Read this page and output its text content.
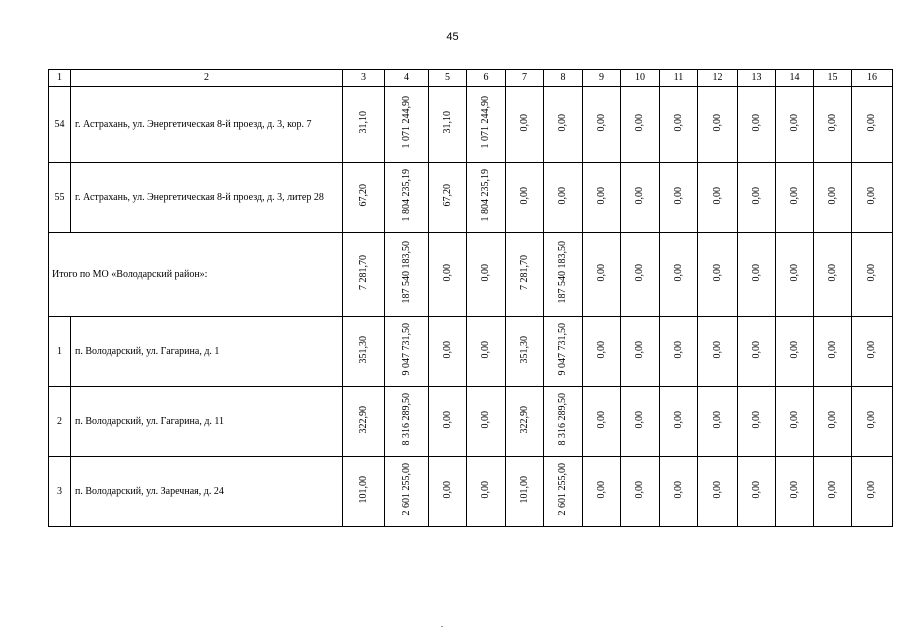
45
1	2	3	4	5	6	7	8	9	10	11	12	13	14	15	16
54	г. Астрахань, ул. Энергетическая 8-й проезд, д. 3, кор. 7	31,10	1 071 244,90	31,10	1 071 244,90	0,00	0,00	0,00	0,00	0,00	0,00	0,00	0,00	0,00	0,00
55	г. Астрахань, ул. Энергетическая 8-й проезд, д. 3, литер 28	67,20	1 804 235,19	67,20	1 804 235,19	0,00	0,00	0,00	0,00	0,00	0,00	0,00	0,00	0,00	0,00
Итого по МО «Володарский район»:		7 281,70	187 540 183,50	0,00	0,00	7 281,70	187 540 183,50	0,00	0,00	0,00	0,00	0,00	0,00	0,00	0,00
1	п. Володарский, ул. Гагарина, д. 1	351,30	9 047 731,50	0,00	0,00	351,30	9 047 731,50	0,00	0,00	0,00	0,00	0,00	0,00	0,00	0,00
2	п. Володарский, ул. Гагарина, д. 11	322,90	8 316 289,50	0,00	0,00	322,90	8 316 289,50	0,00	0,00	0,00	0,00	0,00	0,00	0,00	0,00
3	п. Володарский, ул. Заречная, д. 24	101,00	2 601 255,00	0,00	0,00	101,00	2 601 255,00	0,00	0,00	0,00	0,00	0,00	0,00	0,00	0,00
